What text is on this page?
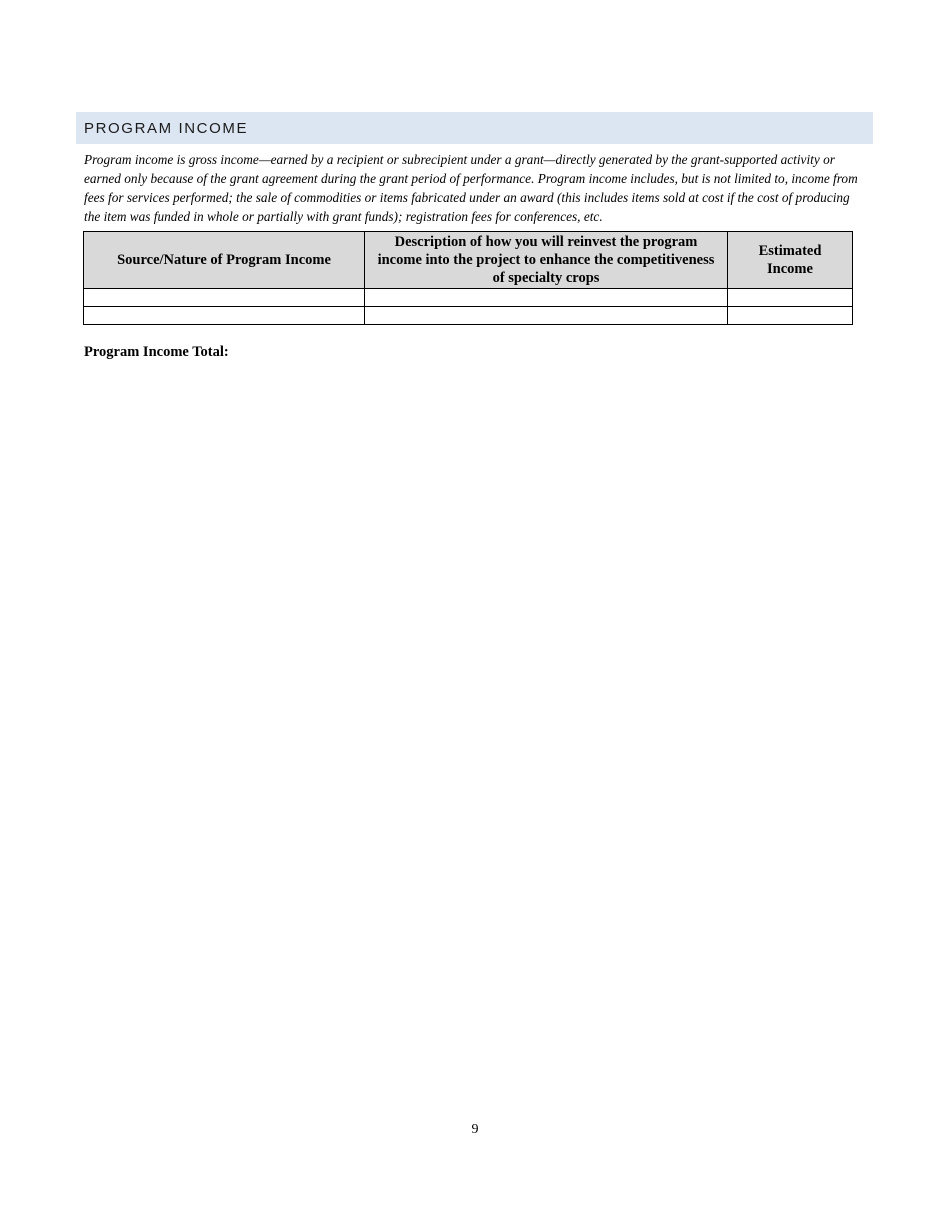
PROGRAM INCOME

Program income is gross income—earned by a recipient or subrecipient under a grant—directly generated by the grant-supported activity or earned only because of the grant agreement during the grant period of performance. Program income includes, but is not limited to, income from fees for services performed; the sale of commodities or items fabricated under an award (this includes items sold at cost if the cost of producing the item was funded in whole or partially with grant funds); registration fees for conferences, etc.

Source/Nature of Program Income	Description of how you will reinvest the program income into the project to enhance the competitiveness of specialty crops	Estimated Income

Program Income Total:
9
